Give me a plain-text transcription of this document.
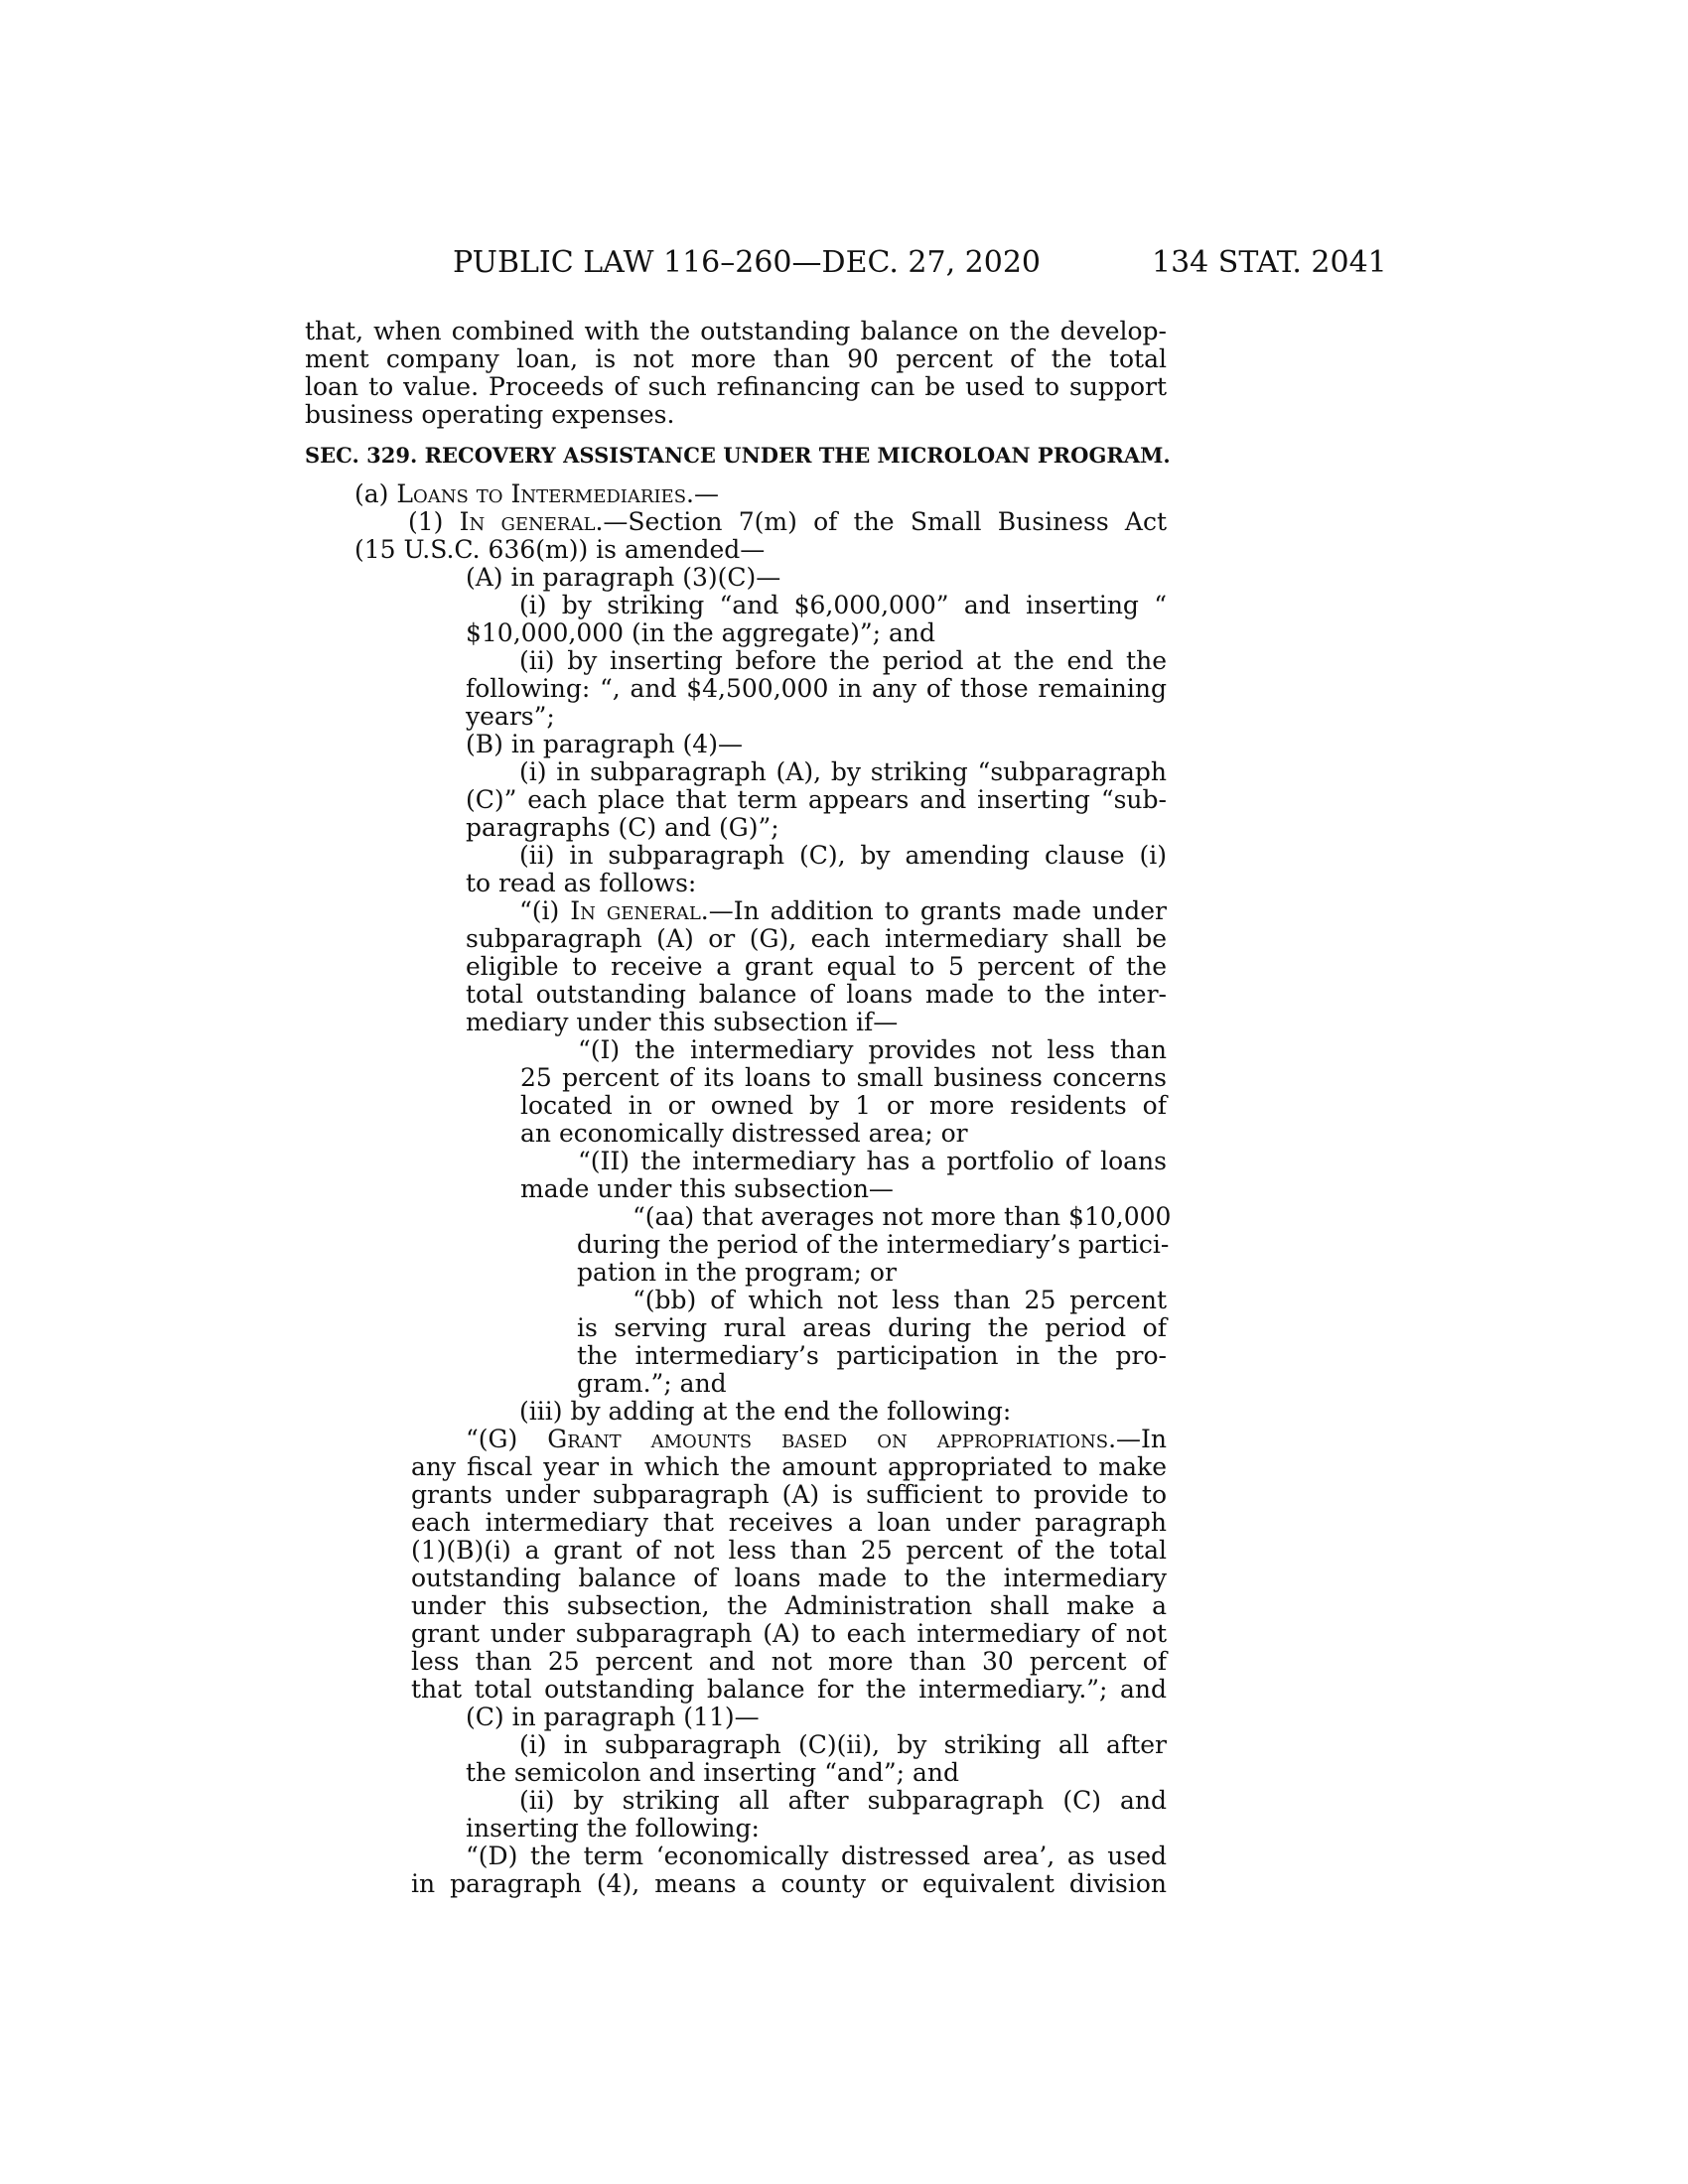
PUBLIC LAW 116–260—DEC. 27, 2020	134 STAT. 2041
that, when combined with the outstanding balance on the develop-
ment company loan, is not more than 90 percent of the total
loan to value. Proceeds of such refinancing can be used to support
business operating expenses.
SEC. 329. RECOVERY ASSISTANCE UNDER THE MICROLOAN PROGRAM.
(a) Loans to Intermediaries.—
(1) In general.—Section 7(m) of the Small Business Act
(15 U.S.C. 636(m)) is amended—
(A) in paragraph (3)(C)—
(i) by striking “and $6,000,000” and inserting “
$10,000,000 (in the aggregate)”; and
(ii) by inserting before the period at the end the
following: “, and $4,500,000 in any of those remaining
years”;
(B) in paragraph (4)—
(i) in subparagraph (A), by striking “subparagraph
(C)” each place that term appears and inserting “sub-
paragraphs (C) and (G)”;
(ii) in subparagraph (C), by amending clause (i)
to read as follows:
“(i) In general.—In addition to grants made under
subparagraph (A) or (G), each intermediary shall be
eligible to receive a grant equal to 5 percent of the
total outstanding balance of loans made to the inter-
mediary under this subsection if—
“(I) the intermediary provides not less than
25 percent of its loans to small business concerns
located in or owned by 1 or more residents of
an economically distressed area; or
“(II) the intermediary has a portfolio of loans
made under this subsection—
“(aa) that averages not more than $10,000
during the period of the intermediary’s partici-
pation in the program; or
“(bb) of which not less than 25 percent
is serving rural areas during the period of
the intermediary’s participation in the pro-
gram.”; and
(iii) by adding at the end the following:
“(G) Grant amounts based on appropriations.—In
any fiscal year in which the amount appropriated to make
grants under subparagraph (A) is sufficient to provide to
each intermediary that receives a loan under paragraph
(1)(B)(i) a grant of not less than 25 percent of the total
outstanding balance of loans made to the intermediary
under this subsection, the Administration shall make a
grant under subparagraph (A) to each intermediary of not
less than 25 percent and not more than 30 percent of
that total outstanding balance for the intermediary.”; and
(C) in paragraph (11)—
(i) in subparagraph (C)(ii), by striking all after
the semicolon and inserting “and”; and
(ii) by striking all after subparagraph (C) and
inserting the following:
“(D) the term ‘economically distressed area’, as used
in paragraph (4), means a county or equivalent division
